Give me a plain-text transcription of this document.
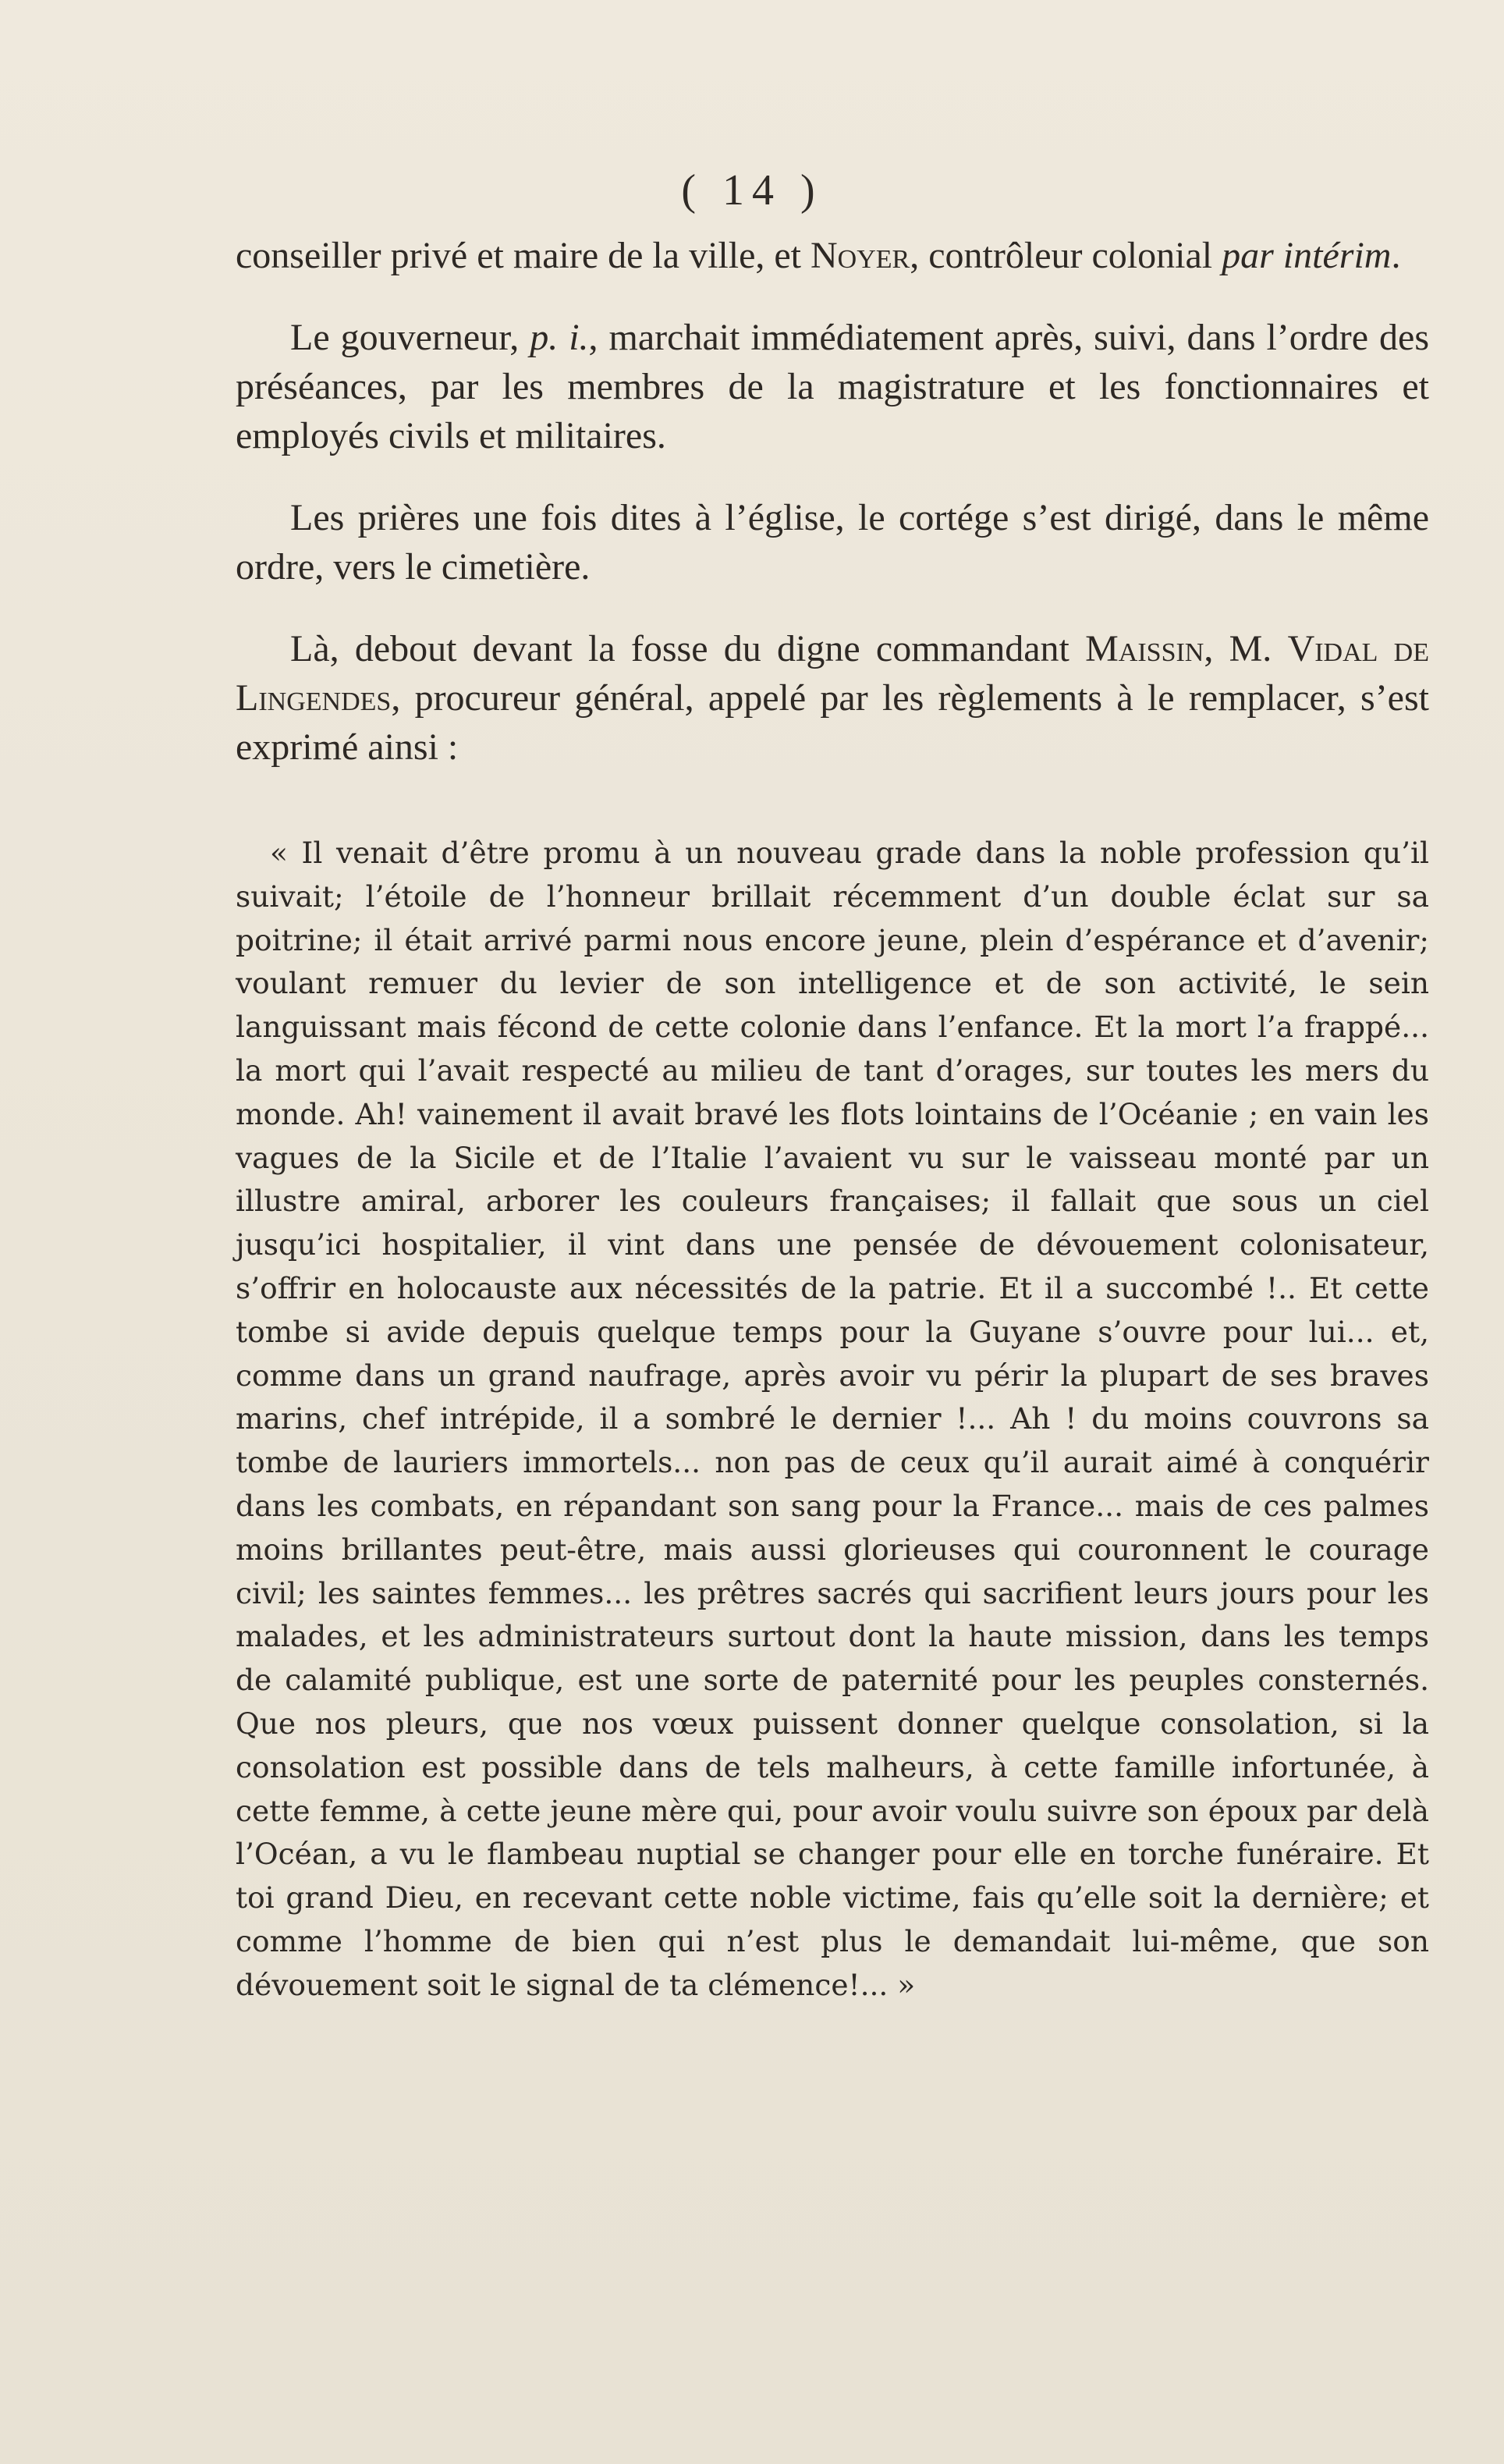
( 14 )

conseiller privé et maire de la ville, et Noyer, contrôleur colonial par intérim.

Le gouverneur, p. i., marchait immédiatement après, suivi, dans l’ordre des préséances, par les membres de la magistrature et les fonctionnaires et employés civils et militaires.

Les prières une fois dites à l’église, le cortége s’est dirigé, dans le même ordre, vers le cimetière.

Là, debout devant la fosse du digne commandant Maissin, M. Vidal de Lingendes, procureur général, appelé par les règlements à le remplacer, s’est exprimé ainsi :

« Il venait d’être promu à un nouveau grade dans la noble profession qu’il suivait; l’étoile de l’honneur brillait récemment d’un double éclat sur sa poitrine; il était arrivé parmi nous encore jeune, plein d’espérance et d’avenir; voulant remuer du levier de son intelligence et de son activité, le sein languissant mais fécond de cette colonie dans l’enfance. Et la mort l’a frappé... la mort qui l’avait respecté au milieu de tant d’orages, sur toutes les mers du monde. Ah! vainement il avait bravé les flots lointains de l’Océanie ; en vain les vagues de la Sicile et de l’Italie l’avaient vu sur le vaisseau monté par un illustre amiral, arborer les couleurs françaises; il fallait que sous un ciel jusqu’ici hospitalier, il vint dans une pensée de dévouement colonisateur, s’offrir en holocauste aux nécessités de la patrie. Et il a succombé !.. Et cette tombe si avide depuis quelque temps pour la Guyane s’ouvre pour lui... et, comme dans un grand naufrage, après avoir vu périr la plupart de ses braves marins, chef intrépide, il a sombré le dernier !... Ah ! du moins couvrons sa tombe de lauriers immortels... non pas de ceux qu’il aurait aimé à conquérir dans les combats, en répandant son sang pour la France... mais de ces palmes moins brillantes peut-être, mais aussi glorieuses qui couronnent le courage civil; les saintes femmes... les prêtres sacrés qui sacrifient leurs jours pour les malades, et les administrateurs surtout dont la haute mission, dans les temps de calamité publique, est une sorte de paternité pour les peuples consternés. Que nos pleurs, que nos vœux puissent donner quelque consolation, si la consolation est possible dans de tels malheurs, à cette famille infortunée, à cette femme, à cette jeune mère qui, pour avoir voulu suivre son époux par delà l’Océan, a vu le flambeau nuptial se changer pour elle en torche funéraire. Et toi grand Dieu, en recevant cette noble victime, fais qu’elle soit la dernière; et comme l’homme de bien qui n’est plus le demandait lui-même, que son dévouement soit le signal de ta clémence!... »
